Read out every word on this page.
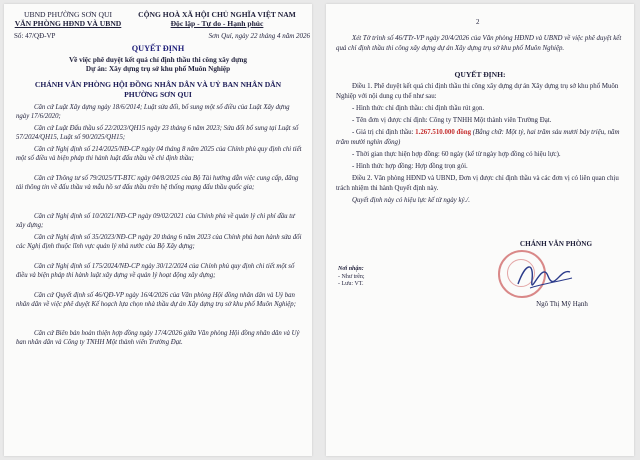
UBND PHƯỜNG SƠN QUI
VĂN PHÒNG HĐND VÀ UBND
CỘNG HOÀ XÃ HỘI CHỦ NGHĨA VIỆT NAM
Độc lập - Tự do - Hạnh phúc
Số: 47/QĐ-VP	Sơn Quí, ngày 22 tháng 4 năm 2026
QUYẾT ĐỊNH
Về việc phê duyệt kết quả chỉ định thầu thi công xây dựng
Dự án: Xây dựng trụ sở khu phố Muôn Nghiệp
CHÁNH VĂN PHÒNG HỘI ĐỒNG NHÂN DÂN VÀ UỶ BAN NHÂN DÂN PHƯỜNG SƠN QUI

Căn cứ Luật Xây dựng ngày 18/6/2014; Luật sửa đổi, bổ sung một số điều của Luật Xây dựng ngày 17/6/2020;

Căn cứ Luật Đấu thầu số 22/2023/QH15 ngày 23 tháng 6 năm 2023; Sửa đổi bổ sung tại Luật số 57/2024/QH15, Luật số 90/2025/QH15;

Căn cứ Nghị định số 214/2025/NĐ-CP ngày 04 tháng 8 năm 2025 của Chính phủ quy định chi tiết một số điều và biện pháp thi hành luật đấu thầu về chỉ định thầu;

Căn cứ Thông tư số 79/2025/TT-BTC ngày 04/8/2025 của Bộ Tài hướng dẫn việc cung cấp, đăng tải thông tin về đấu thầu và mẫu hồ sơ đấu thầu trên hệ thống mạng đấu thầu quốc gia;

Căn cứ Nghị định số 10/2021/NĐ-CP ngày 09/02/2021 của Chính phủ về quản lý chi phí đầu tư xây dựng;

Căn cứ Nghị định số 35/2023/NĐ-CP ngày 20 tháng 6 năm 2023 của Chính phủ ban hành sửa đổi các Nghị định thuộc lĩnh vực quản lý nhà nước của Bộ Xây dựng;

Căn cứ Nghị định số 175/2024/NĐ-CP ngày 30/12/2024 của Chính phủ quy định chi tiết một số điều và biện pháp thi hành luật xây dựng về quản lý hoạt động xây dựng;

Căn cứ Quyết định số 46/QĐ-VP ngày 16/4/2026 của Văn phòng Hội đồng nhân dân và Uỷ ban nhân dân về việc phê duyệt Kế hoạch lựa chọn nhà thầu dự án Xây dựng trụ sở khu phố Muôn Nghiệp;

Căn cứ Biên bản hoàn thiện hợp đồng ngày 17/4/2026 giữa Văn phòng Hội đồng nhân dân và Uỷ ban nhân dân và Công ty TNHH Một thành viên Trường Đạt.

2

Xét Tờ trình số 46/TTr-VP ngày 20/4/2026 của Văn phòng HĐND và UBND về việc phê duyệt kết quả chỉ định thầu thi công xây dựng dự án Xây dựng trụ sở khu phố Muôn Nghiệp.

QUYẾT ĐỊNH:

Điều 1. Phê duyệt kết quả chỉ định thầu thi công xây dựng dự án Xây dựng trụ sở khu phố Muôn Nghiệp với nội dung cụ thể như sau:

- Hình thức chỉ định thầu: chỉ định thầu rút gọn.

- Tên đơn vị được chỉ định: Công ty TNHH Một thành viên Trường Đạt.

- Giá trị chỉ định thầu: 1.267.510.000 đồng (Bằng chữ: Một tỷ, hai trăm sáu mươi bảy triệu, năm trăm mười nghìn đồng)

- Thời gian thực hiện hợp đồng: 60 ngày (kể từ ngày hợp đồng có hiệu lực).

- Hình thức hợp đồng: Hợp đồng trọn gói.

Điều 2. Văn phòng HĐND và UBND, Đơn vị được chỉ định thầu và các đơn vị có liên quan chịu trách nhiệm thi hành Quyết định này.

Quyết định này có hiệu lực kể từ ngày ký./.

Nơi nhận:
- Như trên;
- Lưu: VT.
CHÁNH VĂN PHÒNG
Ngô Thị Mỹ Hạnh
